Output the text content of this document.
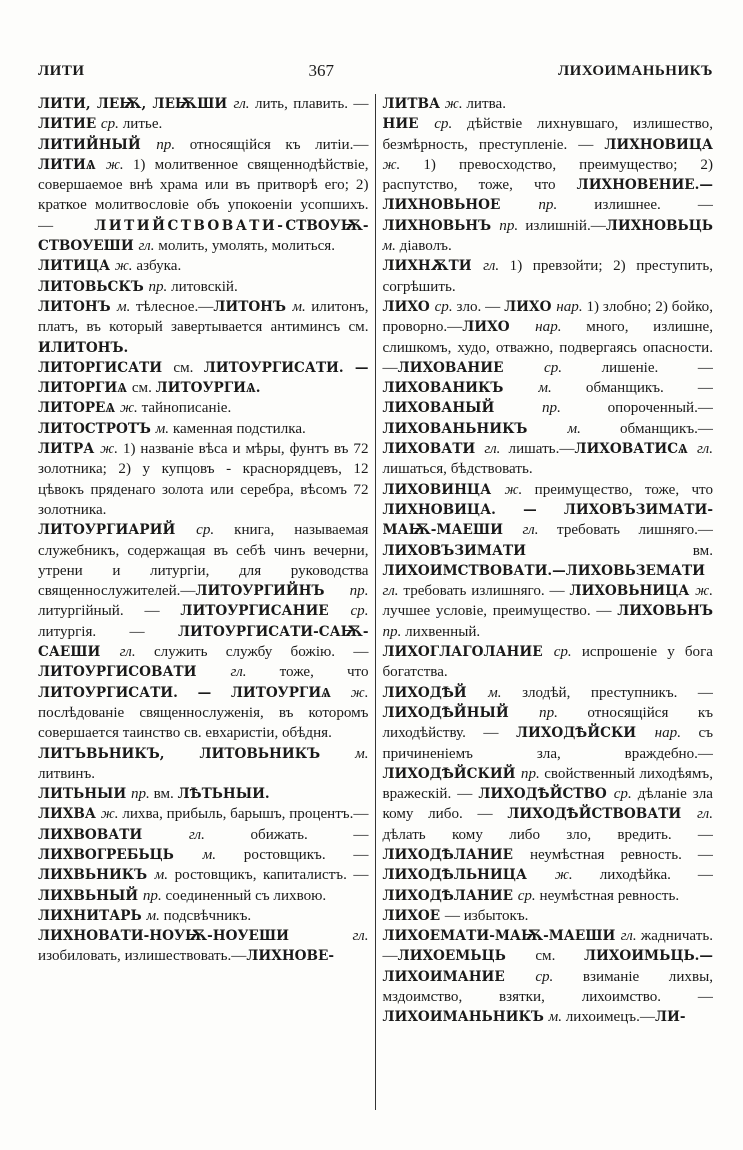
ЛИТИ	367	ЛИХОИМАНЬНИКЪ

ЛИТИ, ЛЕѬ, ЛЕѬШИ гл. лить, плавить. —ЛИТИЕ ср. литье.

ЛИТИЙНЫЙ пр. относящійся къ литіи.—ЛИТИѦ ж. 1) молитвенное священнодѣйствіе, совершаемое внѣ храма или въ притворѣ его; 2) краткое молитвословіе объ упокоеніи усопшихъ. — ЛИТИЙСТВОВАТИ-СТВОУѬ-СТВОУЕШИ гл. молить, умолять, молиться.

ЛИТИЦА ж. азбука.

ЛИТОВЬСКЪ пр. литовскій.

ЛИТОНЪ м. тѣлесное.—ЛИТОНЪ м. илитонъ, платъ, въ который завертывается антиминсъ см. ИЛИТОНЪ.

ЛИТОРГИСАТИ см. ЛИТОУРГИСАТИ. — ЛИТОРГИѦ см. ЛИТОУРГИѦ.

ЛИТОРЕѦ ж. тайнописаніе.

ЛИТОСТРОТЪ м. каменная подстилка.

ЛИТРА ж. 1) названіе вѣса и мѣры, фунтъ въ 72 золотника; 2) у купцовъ - краснорядцевъ, 12 цѣвокъ пряденаго золота или серебра, вѣсомъ 72 золотника.

ЛИТОУРГИАРИЙ ср. книга, называемая служебникъ, содержащая въ себѣ чинъ вечерни, утрени и литургіи, для руководства священнослужителей.—ЛИТОУРГИЙНЪ пр. литургійный. — ЛИТОУРГИСАНИЕ ср. литургія. — ЛИТОУРГИСАТИ-САѬ-САЕШИ гл. служить службу божію. — ЛИТОУРГИСОВАТИ гл. тоже, что ЛИТОУРГИСАТИ. — ЛИТОУРГИѦ ж. послѣдованіе священнослуженія, въ которомъ совершается таинство св. евхаристіи, обѣдня.

ЛИТЪВЬНИКЪ, ЛИТОВЬНИКЪ м. литвинъ.

ЛИТЬНЫИ пр. вм. ЛѢТЬНЫИ.

ЛИХВА ж. лихва, прибыль, барышъ, процентъ.—ЛИХВОВАТИ гл. обижать. —ЛИХВОГРЕБЬЦЬ м. ростовщикъ. — ЛИХВЬНИКЪ м. ростовщикъ, капиталистъ. — ЛИХВЬНЫЙ пр. соединенный съ лихвою.

ЛИХНИТАРЬ м. подсвѣчникъ.

ЛИХНОВАТИ-НОУѬ-НОУЕШИ гл. изобиловать, излишествовать.—ЛИХНОВЕ-

ЛИТВА ж. литва.

НИЕ ср. дѣйствіе лихнувшаго, излишество, безмѣрность, преступленіе. — ЛИХНОВИЦА ж. 1) превосходство, преимущество; 2) распутство, тоже, что ЛИХНОВЕНИЕ.—ЛИХНОВЬНОЕ пр. излишнее. — ЛИХНОВЬНЪ пр. излишній.—ЛИХНОВЬЦЬ м. діаволъ.

ЛИХНѪТИ гл. 1) превзойти; 2) преступить, согрѣшить.

ЛИХО ср. зло. — ЛИХО нар. 1) злобно; 2) бойко, проворно.—ЛИХО нар. много, излишне, слишкомъ, худо, отважно, подвергаясь опасности.—ЛИХОВАНИЕ ср. лишеніе. — ЛИХОВАНИКЪ м. обманщикъ. — ЛИХОВАНЫЙ пр. опороченный.—ЛИХОВАНЬНИКЪ м. обманщикъ.—ЛИХОВАТИ гл. лишать.—ЛИХОВАТИСѦ гл. лишаться, бѣдствовать.

ЛИХОВИНЦА ж. преимущество, тоже, что ЛИХНОВИЦА. — ЛИХОВЪЗИМАТИ-МАѬ-МАЕШИ гл. требовать лишняго.—ЛИХОВЪЗИМАТИ вм. ЛИХОИМСТВОВАТИ.—ЛИХОВЬЗЕМАТИ гл. требовать излишняго. — ЛИХОВЬНИЦА ж. лучшее условіе, преимущество. — ЛИХОВЬНЪ пр. лихвенный.

ЛИХОГЛАГОЛАНИЕ ср. испрошеніе у бога богатства.

ЛИХОДѢЙ м. злодѣй, преступникъ. — ЛИХОДѢЙНЫЙ пр. относящійся къ лиходѣйству. — ЛИХОДѢЙСКИ нар. съ причиненіемъ зла, враждебно.—ЛИХОДѢЙСКИЙ пр. свойственный лиходѣямъ, вражескій. — ЛИХОДѢЙСТВО ср. дѣланіе зла кому либо. — ЛИХОДѢЙСТВОВАТИ гл. дѣлать кому либо зло, вредить. — ЛИХОДѢЛАНИЕ неумѣстная ревность. — ЛИХОДѢЛЬНИЦА ж. лиходѣйка. — ЛИХОДѢЛАНИЕ ср. неумѣстная ревность.

ЛИХОЕ — избытокъ.

ЛИХОЕМАТИ-МАѬ-МАЕШИ гл. жадничать.—ЛИХОЕМЬЦЬ см. ЛИХОИМЬЦЬ.— ЛИХОИМАНИЕ ср. взиманіе лихвы, мздоимство, взятки, лихоимство. — ЛИХОИМАНЬНИКЪ м. лихоимецъ.—ЛИ-
